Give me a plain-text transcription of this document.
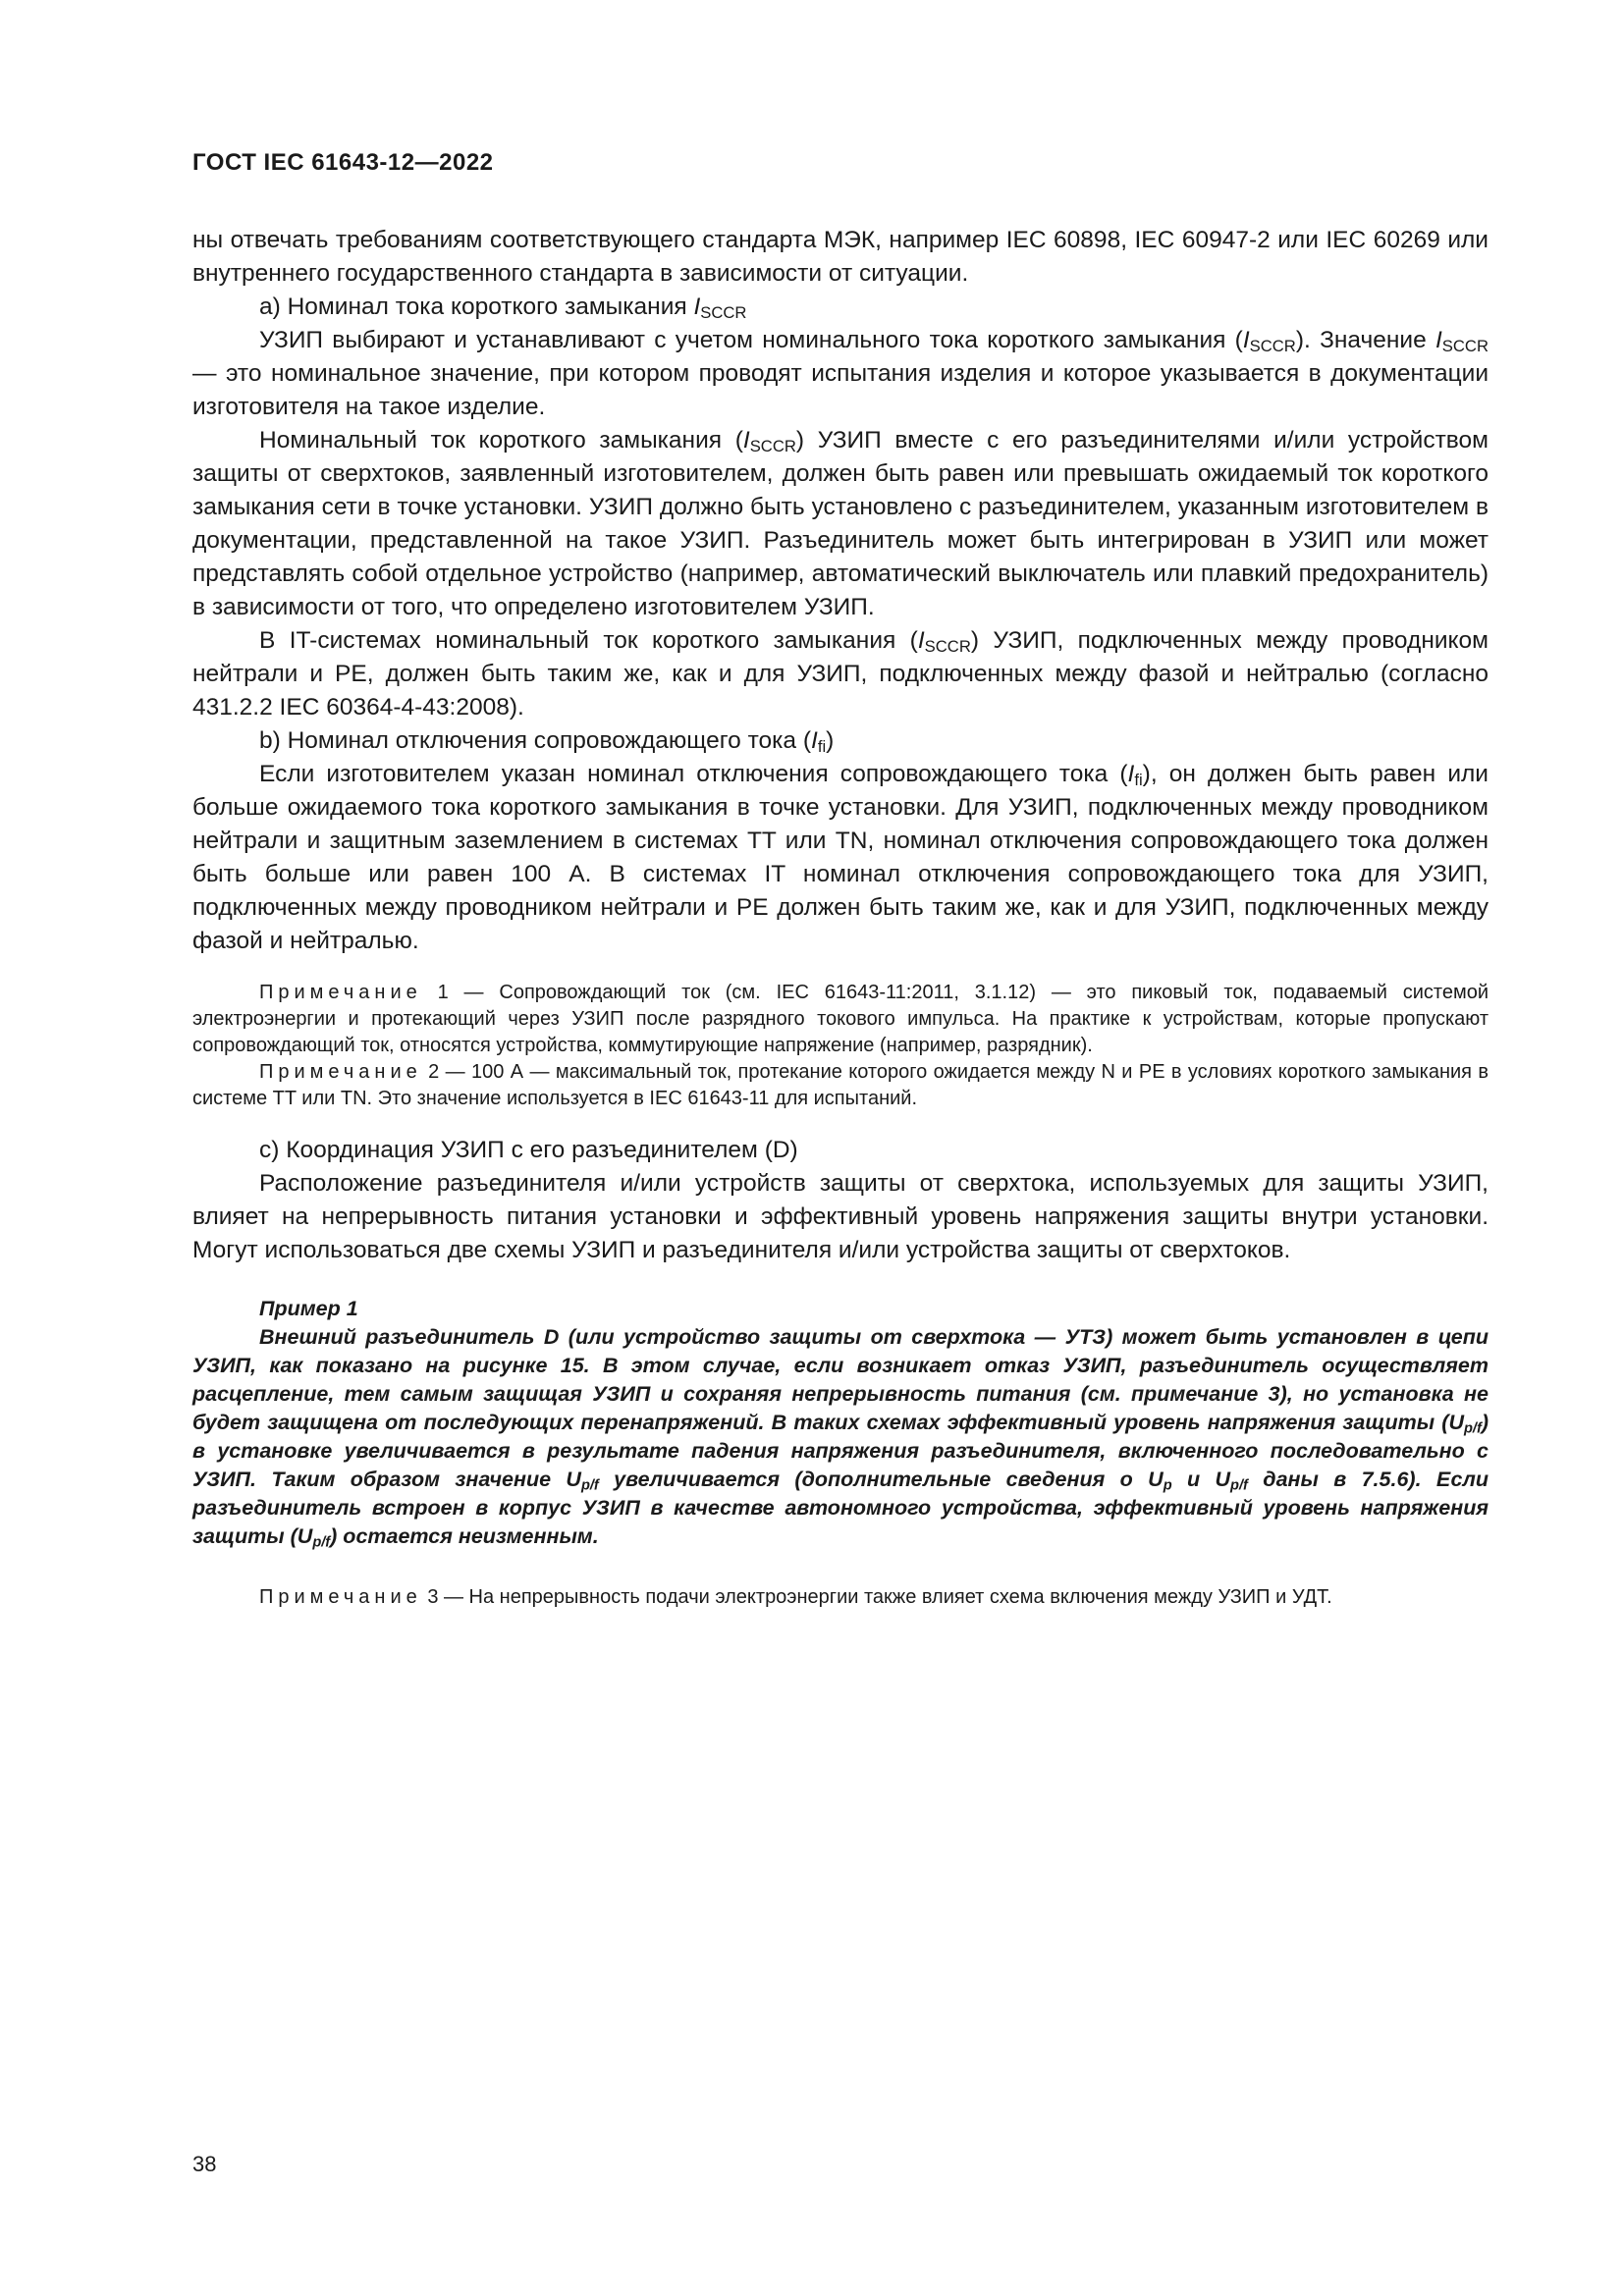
ГОСТ IEC 61643-12—2022

ны отвечать требованиям соответствующего стандарта МЭК, например IEC 60898, IEC 60947-2 или IEC 60269 или внутреннего государственного стандарта в зависимости от ситуации.

a) Номинал тока короткого замыкания $I_{SCCR}$

УЗИП выбирают и устанавливают с учетом номинального тока короткого замыкания $(I_{SCCR})$. Значение $I_{SCCR}$ — это номинальное значение, при котором проводят испытания изделия и которое указывается в документации изготовителя на такое изделие.

Номинальный ток короткого замыкания $(I_{SCCR})$ УЗИП вместе с его разъединителями и/или устройством защиты от сверхтоков, заявленный изготовителем, должен быть равен или превышать ожидаемый ток короткого замыкания сети в точке установки. УЗИП должно быть установлено с разъединителем, указанным изготовителем в документации, представленной на такое УЗИП. Разъединитель может быть интегрирован в УЗИП или может представлять собой отдельное устройство (например, автоматический выключатель или плавкий предохранитель) в зависимости от того, что определено изготовителем УЗИП.

В IT-системах номинальный ток короткого замыкания $(I_{SCCR})$ УЗИП, подключенных между проводником нейтрали и PE, должен быть таким же, как и для УЗИП, подключенных между фазой и нейтралью (согласно 431.2.2 IEC 60364-4-43:2008).

b) Номинал отключения сопровождающего тока $(I_{fi})$

Если изготовителем указан номинал отключения сопровождающего тока $(I_{fi})$, он должен быть равен или больше ожидаемого тока короткого замыкания в точке установки. Для УЗИП, подключенных между проводником нейтрали и защитным заземлением в системах TT или TN, номинал отключения сопровождающего тока должен быть больше или равен 100 А. В системах IT номинал отключения сопровождающего тока для УЗИП, подключенных между проводником нейтрали и PE должен быть таким же, как и для УЗИП, подключенных между фазой и нейтралью.

Примечание 1 — Сопровождающий ток (см. IEC 61643-11:2011, 3.1.12) — это пиковый ток, подаваемый системой электроэнергии и протекающий через УЗИП после разрядного токового импульса. На практике к устройствам, которые пропускают сопровождающий ток, относятся устройства, коммутирующие напряжение (например, разрядник).

Примечание 2 — 100 А — максимальный ток, протекание которого ожидается между N и PE в условиях короткого замыкания в системе TT или TN. Это значение используется в IEC 61643-11 для испытаний.

c) Координация УЗИП с его разъединителем (D)

Расположение разъединителя и/или устройств защиты от сверхтока, используемых для защиты УЗИП, влияет на непрерывность питания установки и эффективный уровень напряжения защиты внутри установки. Могут использоваться две схемы УЗИП и разъединителя и/или устройства защиты от сверхтоков.

Пример 1

Внешний разъединитель D (или устройство защиты от сверхтока — УТЗ) может быть установлен в цепи УЗИП, как показано на рисунке 15. В этом случае, если возникает отказ УЗИП, разъединитель осуществляет расцепление, тем самым защищая УЗИП и сохраняя непрерывность питания (см. примечание 3), но установка не будет защищена от последующих перенапряжений. В таких схемах эффективный уровень напряжения защиты $(U_{p/f})$ в установке увеличивается в результате падения напряжения разъединителя, включенного последовательно с УЗИП. Таким образом значение $U_{p/f}$ увеличивается (дополнительные сведения о $U_p$ и $U_{p/f}$ даны в 7.5.6). Если разъединитель встроен в корпус УЗИП в качестве автономного устройства, эффективный уровень напряжения защиты $(U_{p/f})$ остается неизменным.

Примечание 3 — На непрерывность подачи электроэнергии также влияет схема включения между УЗИП и УДТ.

38
